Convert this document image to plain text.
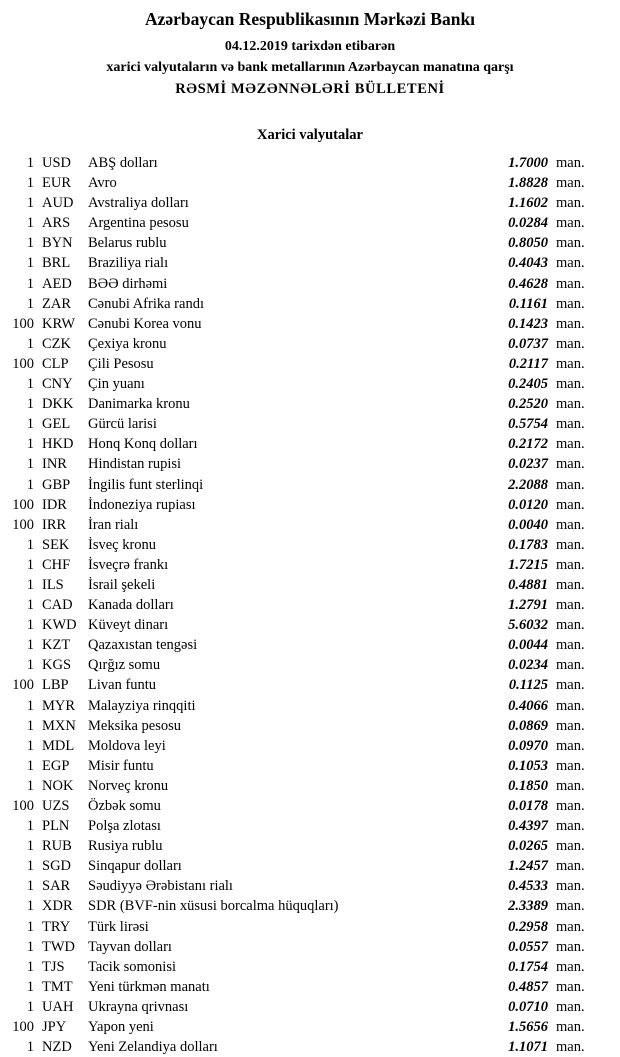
Azərbaycan Respublikasının Mərkəzi Bankı
04.12.2019 tarixdən etibarən
xarici valyutaların və bank metallarının Azərbaycan manatına qarşı
RƏSMİ MƏZƏNNƏLƏRİ BÜLLETENİ
Xarici valyutalar
1 USD	ABŞ dolları	1.7000 man.
1 EUR	Avro	1.8828 man.
1 AUD	Avstraliya dolları	1.1602 man.
1 ARS	Argentina pesosu	0.0284 man.
1 BYN	Belarus rublu	0.8050 man.
1 BRL	Braziliya rialı	0.4043 man.
1 AED	BƏƏ dirhəmi	0.4628 man.
1 ZAR	Cənubi Afrika randı	0.1161 man.
100 KRW Cənubi Korea vonu	0.1423 man.
1 CZK	Çexiya kronu	0.0737 man.
100 CLP	Çili Pesosu	0.2117 man.
1 CNY	Çin yuanı	0.2405 man.
1 DKK	Danimarka kronu	0.2520 man.
1 GEL	Gürcü larisi	0.5754 man.
1 HKD	Honq Konq dolları	0.2172 man.
1 INR	Hindistan rupisi	0.0237 man.
1 GBP	İngilis funt sterlinqi	2.2088 man.
100 IDR	İndoneziya rupiası	0.0120 man.
100 IRR	İran rialı	0.0040 man.
1 SEK	İsveç kronu	0.1783 man.
1 CHF	İsveçrə frankı	1.7215 man.
1 ILS	İsrail şekeli	0.4881 man.
1 CAD	Kanada dolları	1.2791 man.
1 KWD Küveyt dinarı	5.6032 man.
1 KZT	Qazaxıstan tengəsi	0.0044 man.
1 KGS	Qırğız somu	0.0234 man.
100 LBP	Livan funtu	0.1125 man.
1 MYR Malayziya rinqqiti	0.4066 man.
1 MXN Meksika pesosu	0.0869 man.
1 MDL Moldova leyi	0.0970 man.
1 EGP	Misir funtu	0.1053 man.
1 NOK	Norveç kronu	0.1850 man.
100 UZS	Özbək somu	0.0178 man.
1 PLN	Polşa zlotası	0.4397 man.
1 RUB	Rusiya rublu	0.0265 man.
1 SGD	Sinqapur dolları	1.2457 man.
1 SAR	Səudiyyə Ərəbistanı rialı	0.4533 man.
1 XDR	SDR (BVF-nin xüsusi borcalma hüquqları)	2.3389 man.
1 TRY	Türk lirəsi	0.2958 man.
1 TWD Tayvan dolları	0.0557 man.
1 TJS	Tacik somonisi	0.1754 man.
1 TMT	Yeni türkmən manatı	0.4857 man.
1 UAH	Ukrayna qrivnası	0.0710 man.
100 JPY	Yapon yeni	1.5656 man.
1 NZD	Yeni Zelandiya dolları	1.1071 man.
